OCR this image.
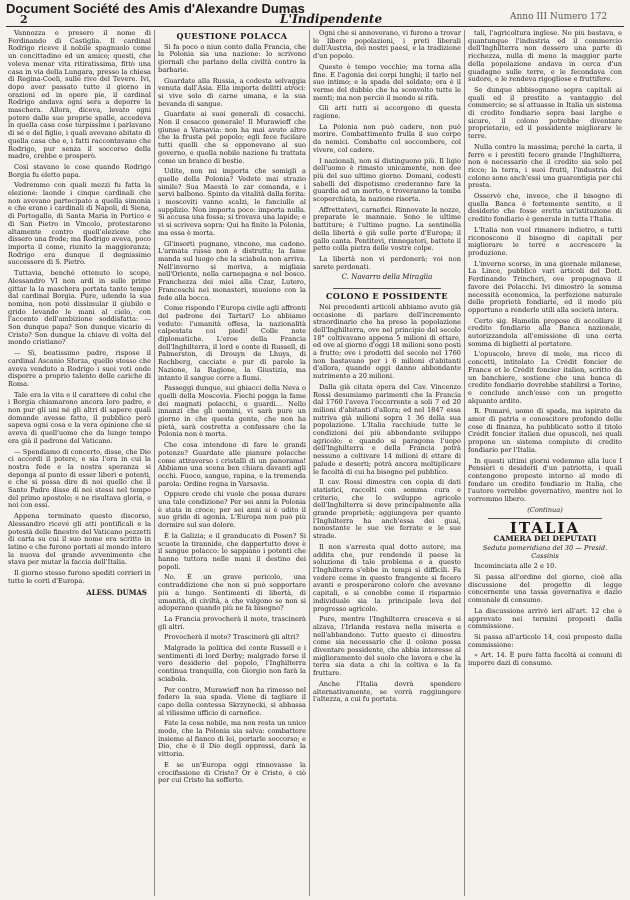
Document Société des Amis d'Alexandre Dumas
2	L'Indipendente	Anno III Numero 172

Vannozza e presero il nome di Ferdinando di Castiglia. Il cardinal Rodrigo riceve il nobile spagnuolo come un concittadino ed un amico; questi, che voleva menar vita ritiratissima, fittò una casa in via della Lungara, presso la chiesa di Regina-Coeli, sulle rive del Tevere. Ivi, dopo aver passato tutto il giorno in orazioni ed in opere pie, il cardinal Rodrigo andava ogni sera a deporre la maschera. Allora, diceva, levato ogni potere dalle sue proprie spalle, accedeva in quella casa cose turpissime i parlavano di sé e del figlio, i quali avevano abitato di quella casa che e, i fatti raccontavano che Rodrigo, pur senza il soccorso della madre, crebbe e prosperò.

Così stavano le cose quando Rodrigo Borgia fu eletto papa.

Vedremmo con quali mezzi fu fatta la elezione: laonde i cinque cardinali che non avevano partecipato a quella simonia e che erano i cardinali di Napoli, di Siena, di Portogallo, di Santa Maria in Portico e di San Pietro in Vincolo, protestarono altamente contro quell'elezione che dissero una frode; ma Rodrigo aveva, poco importa il come, riunito la maggioranza; Rodrigo era dunque il degnissimo successore di S. Pietro.

Tuttavia, benché ottenuto lo scopo, Alessandro VI non ardì in sulle prime gittar la la maschera portata tanto tempo dal cardinal Borgia. Pure, udendo la sua nomina, non poté dissimular il giubilo e grido levando le mani al cielo, con l'accento dell'ambizione soddisfatta: — Son dunque papa? Son dunque vicario di Cristo? Son dunque la chiave di volta del mondo cristiano?

— Sì, beatissimo padre, rispose il cardinal Ascanio Sforza, quello stesso che aveva venduto a Rodrigo i suoi voti onde disporre a proprio talento delle cariche di Roma.

Tale era la vita e il carattere di colui che i Borgia chiamarono ancora loro padre, e non pur gli uni né gli altri di sapere quali domande avesse fatto, il pubblico però sapeva ogni cosa e la vera opinione che si aveva di quell'uomo che da lungo tempo era già il padrone del Vaticano.

— Spendiamo di concerto, disse, che Dio ci accordi il potere, e sia l'ora in cui la nostra fede e la nostra speranza si deponga al punto di esser liberi e potenti, e che si possa dire di noi quello che il Santo Padre disse di noi stessi nel tempo del primo apostolo; e ne risultava gloria, e noi con essi.

Appena terminato questo discorso, Alessandro ricevé gli atti pontificali e la potestà delle finestre del Vaticano pezzetti di carta su cui il suo nome era scritto in latino e che furono portati al mondo intero la nuova del grande avvenimento che stava per mutar la faccia dell'Italia.

Il giorno stesso furono spediti corrieri in tutte le corti d'Europa.

ALESS. DUMAS
QUESTIONE POLACCA

Si fa poco o niun conto dalla Francia, che la Polonia sia una nazione: lo scrivono giornali che parlano della civiltà contro la barbarie.

Guardate alla Russia, a codesta selvaggia venuta dall'Asia. Ella importa delitti atroci: si vive solo di carne umana, e la sua bevanda di sangue.

Guardate ai suoi generali di cosacchi. Non il cosacco generale! Il Murawieff che giunse a Varsavia: non ha mai avuto altro che la frusta pel popolo; egli fece fucilare tutti quelli che si opponevano al suo governo, e quella nobile nazione fu trattata come un branco di bestie.

Udite, non mi importa che somigli a quello della Polonia? Vedete mai strazio simile? Sua Maestà lo zar comanda, e i servi balbono. Spinto da vitalità dalla ferita: i moscoviti vanno scalzi, le fanciulle al supplizio. Non importa poco: importa nulla. Si accusa una fossa; si trovava una lapide; e vi si scriveva sopra: Qui ha finito la Polonia, ma essa è morta.

Gl'insorti pugnano, vincono, ma cadono. L'armata russa non è distrutta; la fame manda sul luogo che la sciabola non arriva. Nell'inverno si moriva, a migliaia nell'Oriente, nella carnepagna e nel bosco. Franchezza dei miei alla Czar, Lutero, Francoschi nei monasteri, muoiono con la fede alla bocca.

Come rispondo l'Europa civile agli affronti del padrone dei Tartari? Lo abbiamo veduto: l'umanità offesa, la nazionalità calpestata coi piedi! Colle note diplomatiche. L'eroe della Francia dell'Inghilterra, il lord e conte di Russell, di Palmerston, di Drouyn de Lhuys, di Rechberg, cacciate e pur di parole la Nazione, la Ragione, la Giustizia, ma intanto il sangue corre a fiumi.

Passeggi dunque, sui ghiacci della Neva o quelli della Moscovia. Fiechi pogga la fame dei magnati polacchi, e guardi... Nello innanzi che gli uomini, vi sarà pure un giorno in che questa gente, che non ha pietà, sarà costretta a confessare che la Polonia non è morta.

Che cosa intendono di fare le grandi potenze? Guardate alle pianure polacche come attraverso i cristalli di un panorama! Abbiamo una scena ben chiara davanti agli occhi. Fuoco, sangue, rapina, e la tremenda parola: Ordine regna in Varsavia.

Oppure crede chi vuole che possa durare una tale condizione? Per sei anni la Polonia è stata in croce; per sei anni si è udito il suo grido di agonia. L'Europa non può più dormire sul suo dolore.

È la Galizia; e il granducato di Posen? Si scuote la tirannide, che dappertutto dove è il sangue polacco: lo sappiano i potenti che hanno tuttora nelle mani il destino dei popoli.

No. È un grave pericolo, una contraddizione che non si può sopportare più a lungo. Sentimenti di libertà, di umanità, di civiltà, a che valgono se non si adoperano quando più ne fa bisogno?

La Francia provocherà il moto, trascinerà gli altri.

Provocherà il moto? Trascinerà gli altri?

Malgrado la politica del conte Russell e i sentimenti di lord Derby; malgrado forse il vero desiderio del popolo, l'Inghilterra continua tranquilla, con Giorgio non farà la sciabola.

Per contro, Murawieff non ha rimesso nel fodero la sua spada. Viene di tagliare il capo della contessa Skrzynecki, si abbassa al vilissimo ufficio di carnefice.

Fate la cosa nobile, ma non resta un unico modo, che la Polonia sia salva: combattere insieme al fianco di lei, portarle soccorso; e Dio, che è il Dio degli oppressi, darà la vittoria.

E se un'Europa oggi rinnovasse la crocifissione di Cristo? Or è Cristo, è ciò per cui Cristo ha sofferto.

Ogni che si annoverano, vi furono a trovar le libere popolazioni, i preti liberali dell'Austria, dei nostri paesi, e la tradizione d'un popolo.

Questo è tempo vecchio; ma torna alla fine. E l'agonia dei corpi lunghi; il tarlo nel suo intimo; e la spada del soldato; ora è il verme del dubbio che ha sconvolto tutte le menti; ma non perciò il mondo si rifà.

Gli arti tutti si accorgono di questa ragione.

La Polonia non può cadere, non può morire. Combattimento frulla il suo corpo da nemici. Combatte col soccombere, col vivere, col cadere.

I nazionali, non si distinguono più. Il ligio dell'uomo è rimasto unicamente, non dee più del suo ultimo giorno. Domani, codesti sabelli del dispotismo crederanno fare la guardia ad un morto, e troveranno la tomba scoperchiata, la nazione risorta.

Affrettatevi, carnefici. Rinnovate le nozze, preparate le mannaie. Sono le ultime battiture; è l'ultimo pugno. La sentinella della libertà è già sulle porte d'Europa; il gallo canta. Pentitevi, rinnegatori, battete il petto colla pietra delle vostre colpe.

La libertà non vi perdonerà; voi non sarete perdonati.

C. Navarro della Miraglia
COLONO E POSSIDENTE

Nei precedenti articoli abbiamo avuto già occasione di parlare dell'incremento straordinario che ha preso la popolazione dell'Inghilterra, ove nel principio del secolo 18° coltivavano appena 5 milioni di ettare, ed ove al giorno d'oggi 18 milioni sono posti a frutto; ove i prodotti del secolo nel 1760 non bastavano per i 6 milioni d'abitanti d'allora, quando oggi danno abbondante nutrimento a 20 milioni.

Dalla già citata opera del Cav. Vincenzo Rossi desumiamo parimenti che la Francia dal 1760 l'aveva l'occorrente a soli 7 ed 20 milioni d'abitanti d'allora; ed nel 1847 essa nutriva già milioni sopra 1 36 della sua popolazione. L'Italia racchiude tutte le condizioni dei più abbondante sviluppo agricolo; e quando si paragona l'uopo dell'Inghilterra e della Francia potrà nessuno a coltivare 14 milioni di ettare di palude e deserti; potrà ancora moltiplicare le facoltà di cui ha bisogno pel pubblico.

Il cav. Rossi dimostra con copia di dati statistici, raccolti con somma cura e criterio, che lo sviluppo agricolo dell'Inghilterra si deve principalmente alla grande proprietà; aggiungeva per quanto l'Inghilterra ha anch'essa dei guai, nonostante le sue vie ferrate e le sue strade.

Il non s'arresta qual dotto autore, ma addita che, pur rendendo il paese la soluzione di tale problema e a questo l'Inghilterra s'ebbe in tempi sì difficili. Fa vedere come in questo frangente si fecero avanti e prosperarono coloro che avevano capitali, e si conobbe come il risparmio individuale sia la principale leva del progresso agricolo.

Pure, mentre l'Inghilterra cresceva e si alzava, l'Irlanda restava nella miseria e nell'abbandono. Tutto questo ci dimostra come sia necessario che il colono possa diventare possidente, che abbia interesse al miglioramento del suolo che lavora e che la terra sia data a chi la coltiva e la fa fruttare.

Anche l'Italia dovrà spendere alternativamente, se vorrà raggiungere l'altezza, a cui fu portata.

tali, l'agricoltura inglese. No più bastava, e quantunque l'industria ed il commercio dell'Inghilterra non dessero una parte di ricchezza, nulla di meno la maggior parte della popolazione andava in cerca d'un guadagno sulle terre, e le fecondava con sudore, e le rendeva rigogliose e fruttifere.

Se dunque abbisognano sopra capitali ai quali ed il prestito a vantaggio del commercio; se si attuasse in Italia un sistema di credito fondiario sopra basi larghe e sicure, il colono potrebbe diventare proprietario, ed il possidente migliorare le terre.

Nulla contro la massima; perché la carta, il ferro e i prestiti fecero grande l'Inghilterra, non è necessario che il credito sia solo pel ricco; la terra, i suoi frutti, l'industria del colono sono anch'essi una guarentigia per chi presta.

Osservò che, invece, che il bisogno di quella Banca è fortemente sentito, e il desiderio che fosse eretta un'istituzione di credito fondiario è generale in tutta l'Italia.

L'Italia non vuol rimanere indietro, e tutti riconoscono il bisogno di capitali per migliorare le terre e accrescere la produzione.

L'inverno scorso, in una giornale milanese, La Lince, pubblicò vari articoli del Dott. Ferdinando Trincheri, ove propugnava il favore dei Polacchi. Ivi dimostrò la somma necessità economica, la perfezione naturale delle proprietà fondiarie, ed il modo più opportuno a renderle utili alla società intera.

Certo sig. Hamelin propose di accollare il credito fondiario alla Banca nazionale, autorizzandola all'emissione di una certa somma di biglietti al portatore.

L'opuscolo, breve di mole, ma ricco di concetti, intitolato La Crédit foncier de France et le Crédit foncier italien, scritto da un banchiere, sostiene che una banca di credito fondiario dovrebbe stabilirsi a Torino, e conclude anch'esso con un progetto alquanto ardito.

R. Pomaré, uomo di spada, ma ispirato da amor di patria e conoscitore profondo delle cose di finanza, ha pubblicato sotto il titolo Crédit foncier italien due opuscoli, nei quali propone un sistema compiuto di credito fondiario per l'Italia.

In questi ultimi giorni vedemmo alla luce I Pensieri e desiderii d'un patriotta, i quali contengono proposte intorno al modo di fondare un credito fondiario in Italia, che l'autore vorrebbe governativo, mentre noi lo vorremmo libero.

(Continua)
ITALIA
CAMERA DEI DEPUTATI
Seduta pomeridiana del 30 — Presid. Cassinis

Incominciata alle 2 e 10.

Si passa all'ordine del giorno, cioè alla discussione del progetto di legge concernente una tassa governativa e dazio comunale di consumo.

La discussione arrivò ieri all'art. 12 che è approvato nei termini proposti dalla commissione.

Si passa all'articolo 14, così proposto dalla commissione:

« Art. 14. È pure fatta facoltà ai comuni di imporre dazi di consumo.
